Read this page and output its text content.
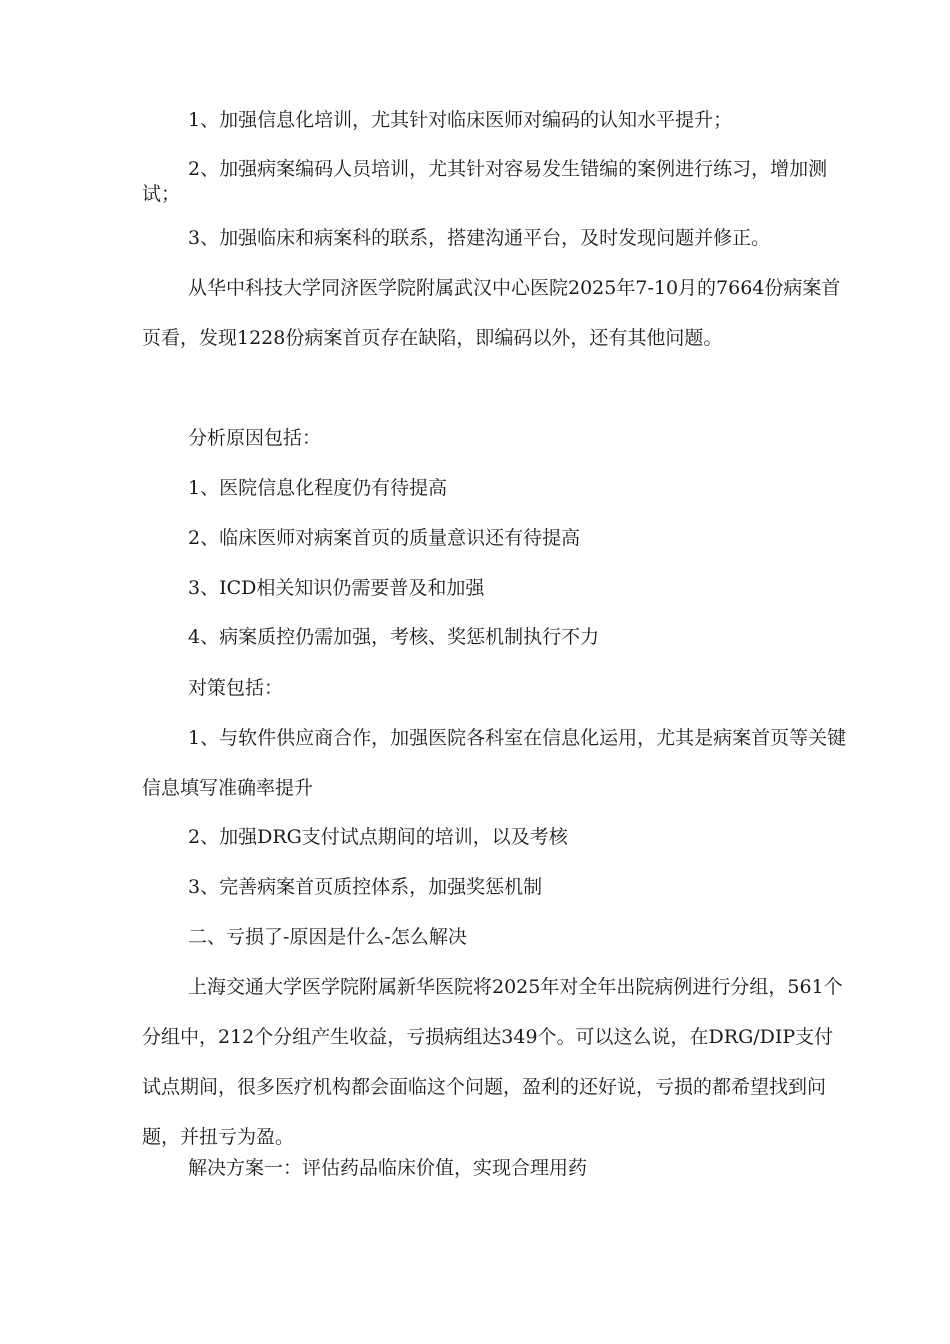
1、加强信息化培训，尤其针对临床医师对编码的认知水平提升；

2、加强病案编码人员培训，尤其针对容易发生错编的案例进行练习，增加测试；

3、加强临床和病案科的联系，搭建沟通平台，及时发现问题并修正。

从华中科技大学同济医学院附属武汉中心医院2025年7-10月的7664份病案首页看，发现1228份病案首页存在缺陷，即编码以外，还有其他问题。

分析原因包括：

1、医院信息化程度仍有待提高

2、临床医师对病案首页的质量意识还有待提高

3、ICD相关知识仍需要普及和加强

4、病案质控仍需加强，考核、奖惩机制执行不力

对策包括：

1、与软件供应商合作，加强医院各科室在信息化运用，尤其是病案首页等关键信息填写准确率提升

2、加强DRG支付试点期间的培训，以及考核

3、完善病案首页质控体系，加强奖惩机制

二、亏损了-原因是什么-怎么解决

上海交通大学医学院附属新华医院将2025年对全年出院病例进行分组，561个分组中，212个分组产生收益，亏损病组达349个。可以这么说，在DRG/DIP支付试点期间，很多医疗机构都会面临这个问题，盈利的还好说，亏损的都希望找到问题，并扭亏为盈。

解决方案一：评估药品临床价值，实现合理用药
